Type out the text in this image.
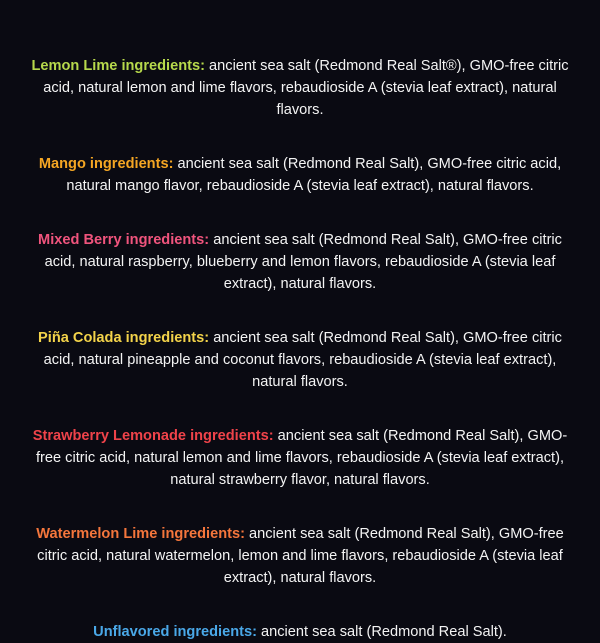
Lemon Lime ingredients: ancient sea salt (Redmond Real Salt®), GMO-free citric acid, natural lemon and lime flavors, rebaudioside A (stevia leaf extract), natural flavors.

Mango ingredients: ancient sea salt (Redmond Real Salt), GMO-free citric acid, natural mango flavor, rebaudioside A (stevia leaf extract), natural flavors.

Mixed Berry ingredients: ancient sea salt (Redmond Real Salt), GMO-free citric acid, natural raspberry, blueberry and lemon flavors, rebaudioside A (stevia leaf extract), natural flavors.

Piña Colada ingredients: ancient sea salt (Redmond Real Salt), GMO-free citric acid, natural pineapple and coconut flavors, rebaudioside A (stevia leaf extract), natural flavors.

Strawberry Lemonade ingredients: ancient sea salt (Redmond Real Salt), GMO-free citric acid, natural lemon and lime flavors, rebaudioside A (stevia leaf extract), natural strawberry flavor, natural flavors.

Watermelon Lime ingredients: ancient sea salt (Redmond Real Salt), GMO-free citric acid, natural watermelon, lemon and lime flavors, rebaudioside A (stevia leaf extract), natural flavors.

Unflavored ingredients: ancient sea salt (Redmond Real Salt).
